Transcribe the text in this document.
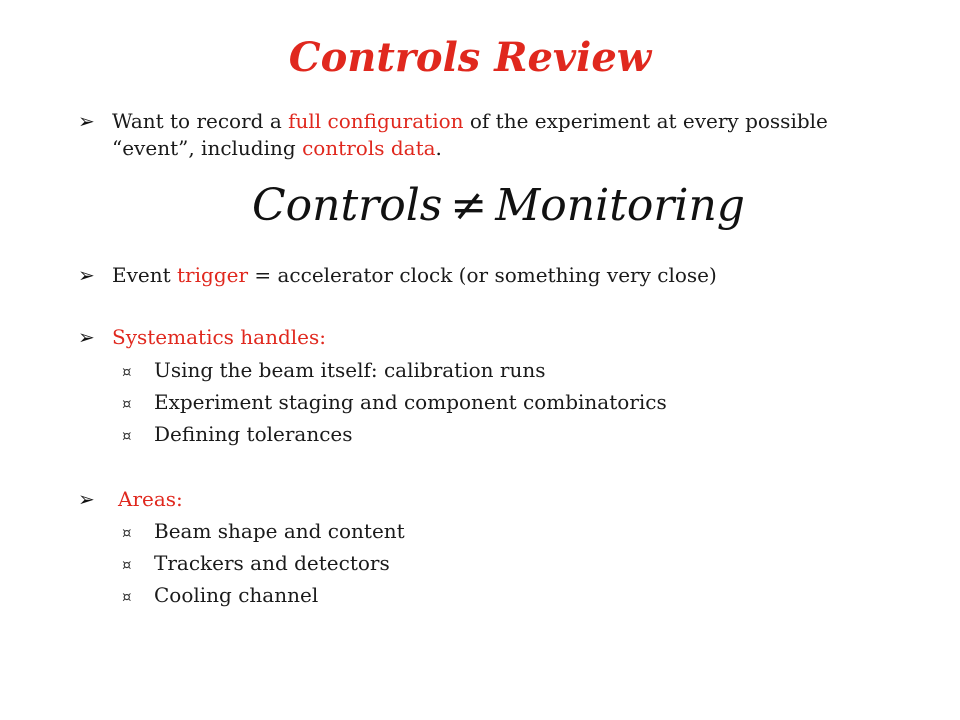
Controls Review
➢ Want to record a full configuration of the experiment at every possible “event”, including controls data.
Controls ≠ Monitoring
➢ Event trigger = accelerator clock (or something very close)
➢ Systematics handles:
¤ Using the beam itself: calibration runs
¤ Experiment staging and component combinatorics
¤ Defining tolerances
➢	Areas:
¤ Beam shape and content
¤ Trackers and detectors
¤ Cooling channel
